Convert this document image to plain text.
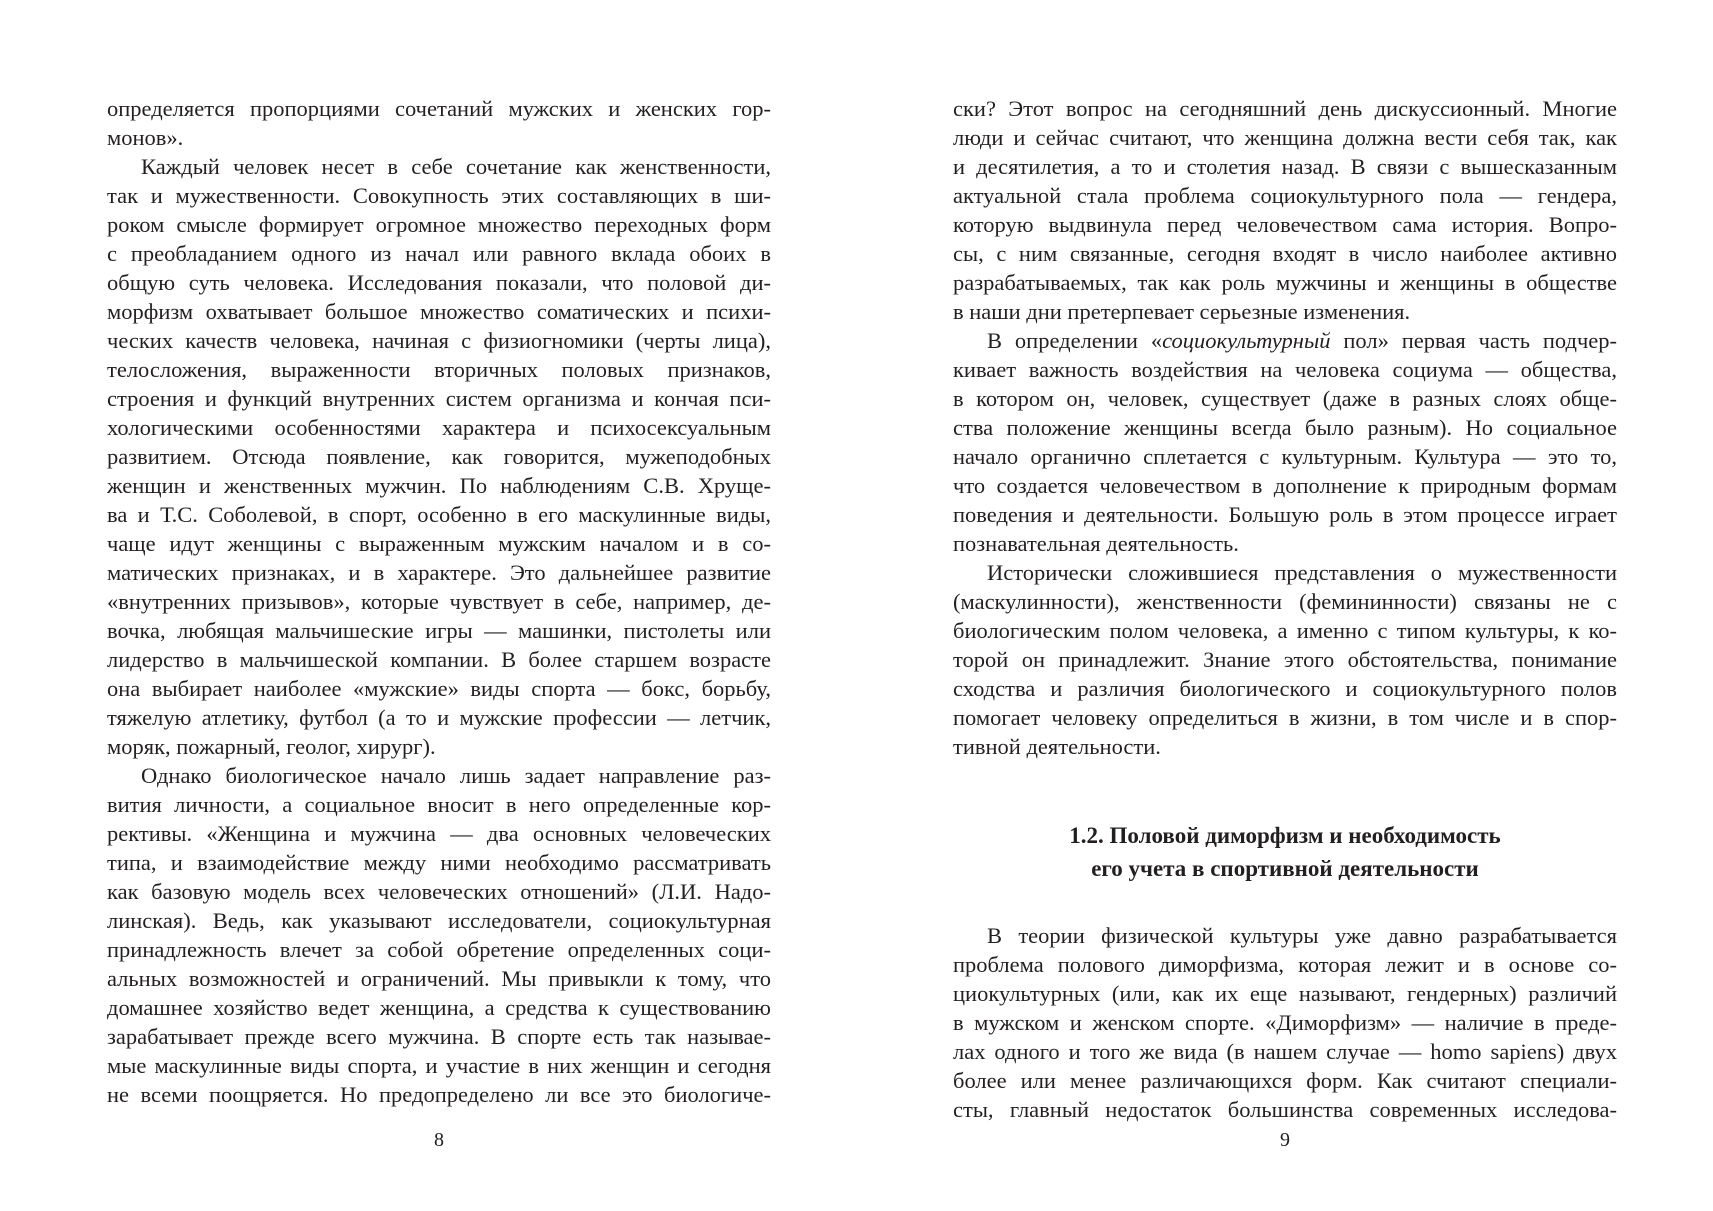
определяется пропорциями сочетаний мужских и женских гор-
монов».
Каждый человек несет в себе сочетание как женственности,
так и мужественности. Совокупность этих составляющих в ши-
роком смысле формирует огромное множество переходных форм
с преобладанием одного из начал или равного вклада обоих в
общую суть человека. Исследования показали, что половой ди-
морфизм охватывает большое множество соматических и психи-
ческих качеств человека, начиная с физиогномики (черты лица),
телосложения, выраженности вторичных половых признаков,
строения и функций внутренних систем организма и кончая пси-
хологическими особенностями характера и психосексуальным
развитием. Отсюда появление, как говорится, мужеподобных
женщин и женственных мужчин. По наблюдениям С.В. Хруще-
ва и Т.С. Соболевой, в спорт, особенно в его маскулинные виды,
чаще идут женщины с выраженным мужским началом и в со-
матических признаках, и в характере. Это дальнейшее развитие
«внутренних призывов», которые чувствует в себе, например, де-
вочка, любящая мальчишеские игры — машинки, пистолеты или
лидерство в мальчишеской компании. В более старшем возрасте
она выбирает наиболее «мужские» виды спорта — бокс, борьбу,
тяжелую атлетику, футбол (а то и мужские профессии — летчик,
моряк, пожарный, геолог, хирург).
Однако биологическое начало лишь задает направление раз-
вития личности, а социальное вносит в него определенные кор-
рективы. «Женщина и мужчина — два основных человеческих
типа, и взаимодействие между ними необходимо рассматривать
как базовую модель всех человеческих отношений» (Л.И. Надо-
линская). Ведь, как указывают исследователи, социокультурная
принадлежность влечет за собой обретение определенных соци-
альных возможностей и ограничений. Мы привыкли к тому, что
домашнее хозяйство ведет женщина, а средства к существованию
зарабатывает прежде всего мужчина. В спорте есть так называе-
мые маскулинные виды спорта, и участие в них женщин и сегодня
не всеми поощряется. Но предопределено ли все это биологиче-
ски? Этот вопрос на сегодняшний день дискуссионный. Многие
люди и сейчас считают, что женщина должна вести себя так, как
и десятилетия, а то и столетия назад. В связи с вышесказанным
актуальной стала проблема социокультурного пола — гендера,
которую выдвинула перед человечеством сама история. Вопро-
сы, с ним связанные, сегодня входят в число наиболее активно
разрабатываемых, так как роль мужчины и женщины в обществе
в наши дни претерпевает серьезные изменения.
В определении «социокультурный пол» первая часть подчер-
кивает важность воздействия на человека социума — общества,
в котором он, человек, существует (даже в разных слоях обще-
ства положение женщины всегда было разным). Но социальное
начало органично сплетается с культурным. Культура — это то,
что создается человечеством в дополнение к природным формам
поведения и деятельности. Большую роль в этом процессе играет
познавательная деятельность.
Исторически сложившиеся представления о мужественности
(маскулинности), женственности (фемининности) связаны не с
биологическим полом человека, а именно с типом культуры, к ко-
торой он принадлежит. Знание этого обстоятельства, понимание
сходства и различия биологического и социокультурного полов
помогает человеку определиться в жизни, в том числе и в спор-
тивной деятельности.
1.2. Половой диморфизм и необходимость
его учета в спортивной деятельности
В теории физической культуры уже давно разрабатывается
проблема полового диморфизма, которая лежит и в основе со-
циокультурных (или, как их еще называют, гендерных) различий
в мужском и женском спорте. «Диморфизм» — наличие в преде-
лах одного и того же вида (в нашем случае — homo sapiens) двух
более или менее различающихся форм. Как считают специали-
сты, главный недостаток большинства современных исследова-
8	9
